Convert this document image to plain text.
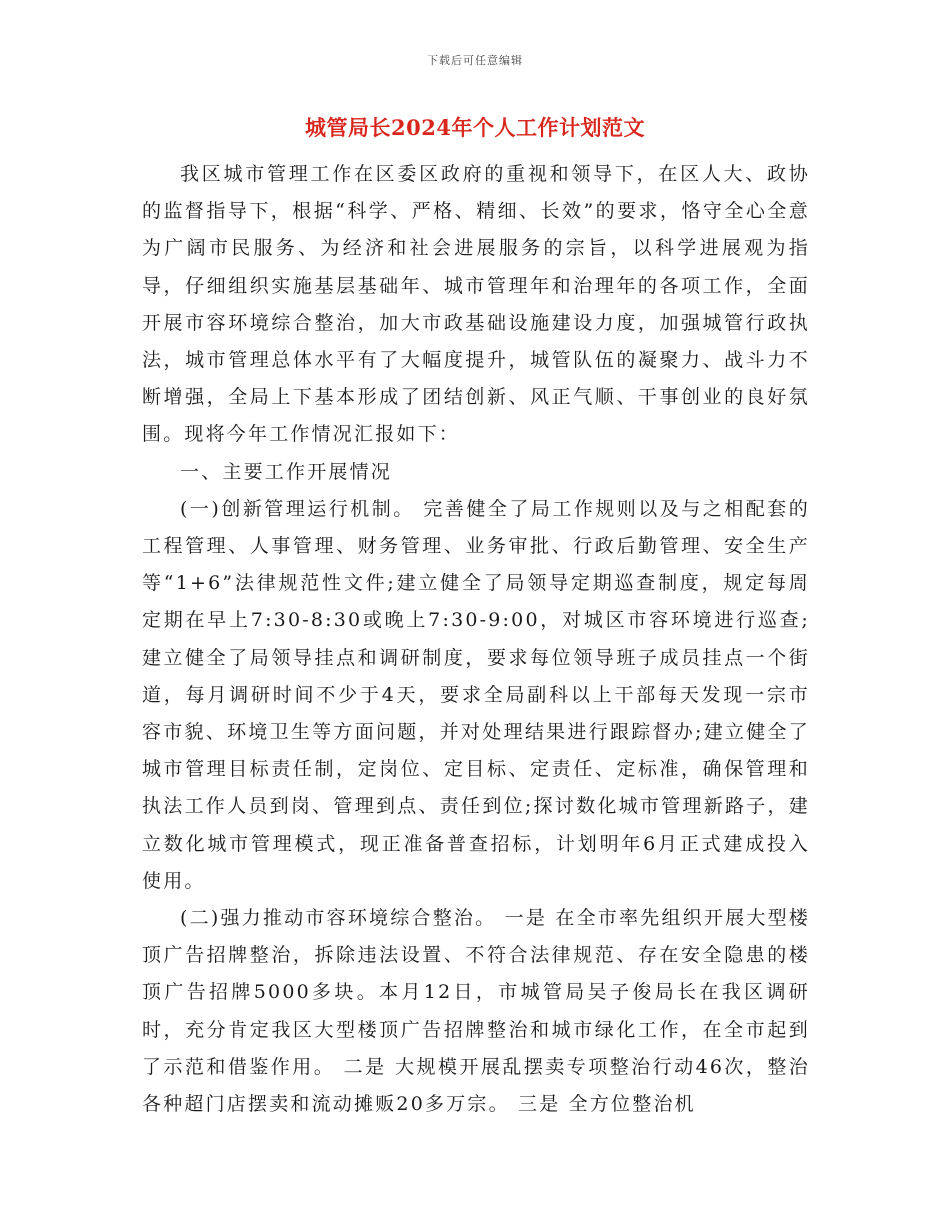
下载后可任意编辑
城管局长2024年个人工作计划范文

我区城市管理工作在区委区政府的重视和领导下，在区人大、政协的监督指导下，根据“科学、严格、精细、长效”的要求，恪守全心全意为广阔市民服务、为经济和社会进展服务的宗旨，以科学进展观为指导，仔细组织实施基层基础年、城市管理年和治理年的各项工作，全面开展市容环境综合整治，加大市政基础设施建设力度，加强城管行政执法，城市管理总体水平有了大幅度提升，城管队伍的凝聚力、战斗力不断增强，全局上下基本形成了团结创新、风正气顺、干事创业的良好氛围。现将今年工作情况汇报如下：

一、主要工作开展情况

(一)创新管理运行机制。 完善健全了局工作规则以及与之相配套的工程管理、人事管理、财务管理、业务审批、行政后勤管理、安全生产等“1+6”法律规范性文件;建立健全了局领导定期巡查制度，规定每周定期在早上7:30-8:30或晚上7:30-9:00，对城区市容环境进行巡查;建立健全了局领导挂点和调研制度，要求每位领导班子成员挂点一个街道，每月调研时间不少于4天，要求全局副科以上干部每天发现一宗市容市貌、环境卫生等方面问题，并对处理结果进行跟踪督办;建立健全了城市管理目标责任制，定岗位、定目标、定责任、定标准，确保管理和执法工作人员到岗、管理到点、责任到位;探讨数化城市管理新路子，建立数化城市管理模式，现正准备普查招标，计划明年6月正式建成投入使用。

(二)强力推动市容环境综合整治。 一是 在全市率先组织开展大型楼顶广告招牌整治，拆除违法设置、不符合法律规范、存在安全隐患的楼顶广告招牌5000多块。本月12日，市城管局吴子俊局长在我区调研时，充分肯定我区大型楼顶广告招牌整治和城市绿化工作，在全市起到了示范和借鉴作用。 二是 大规模开展乱摆卖专项整治行动46次，整治各种超门店摆卖和流动摊贩20多万宗。 三是 全方位整治机
